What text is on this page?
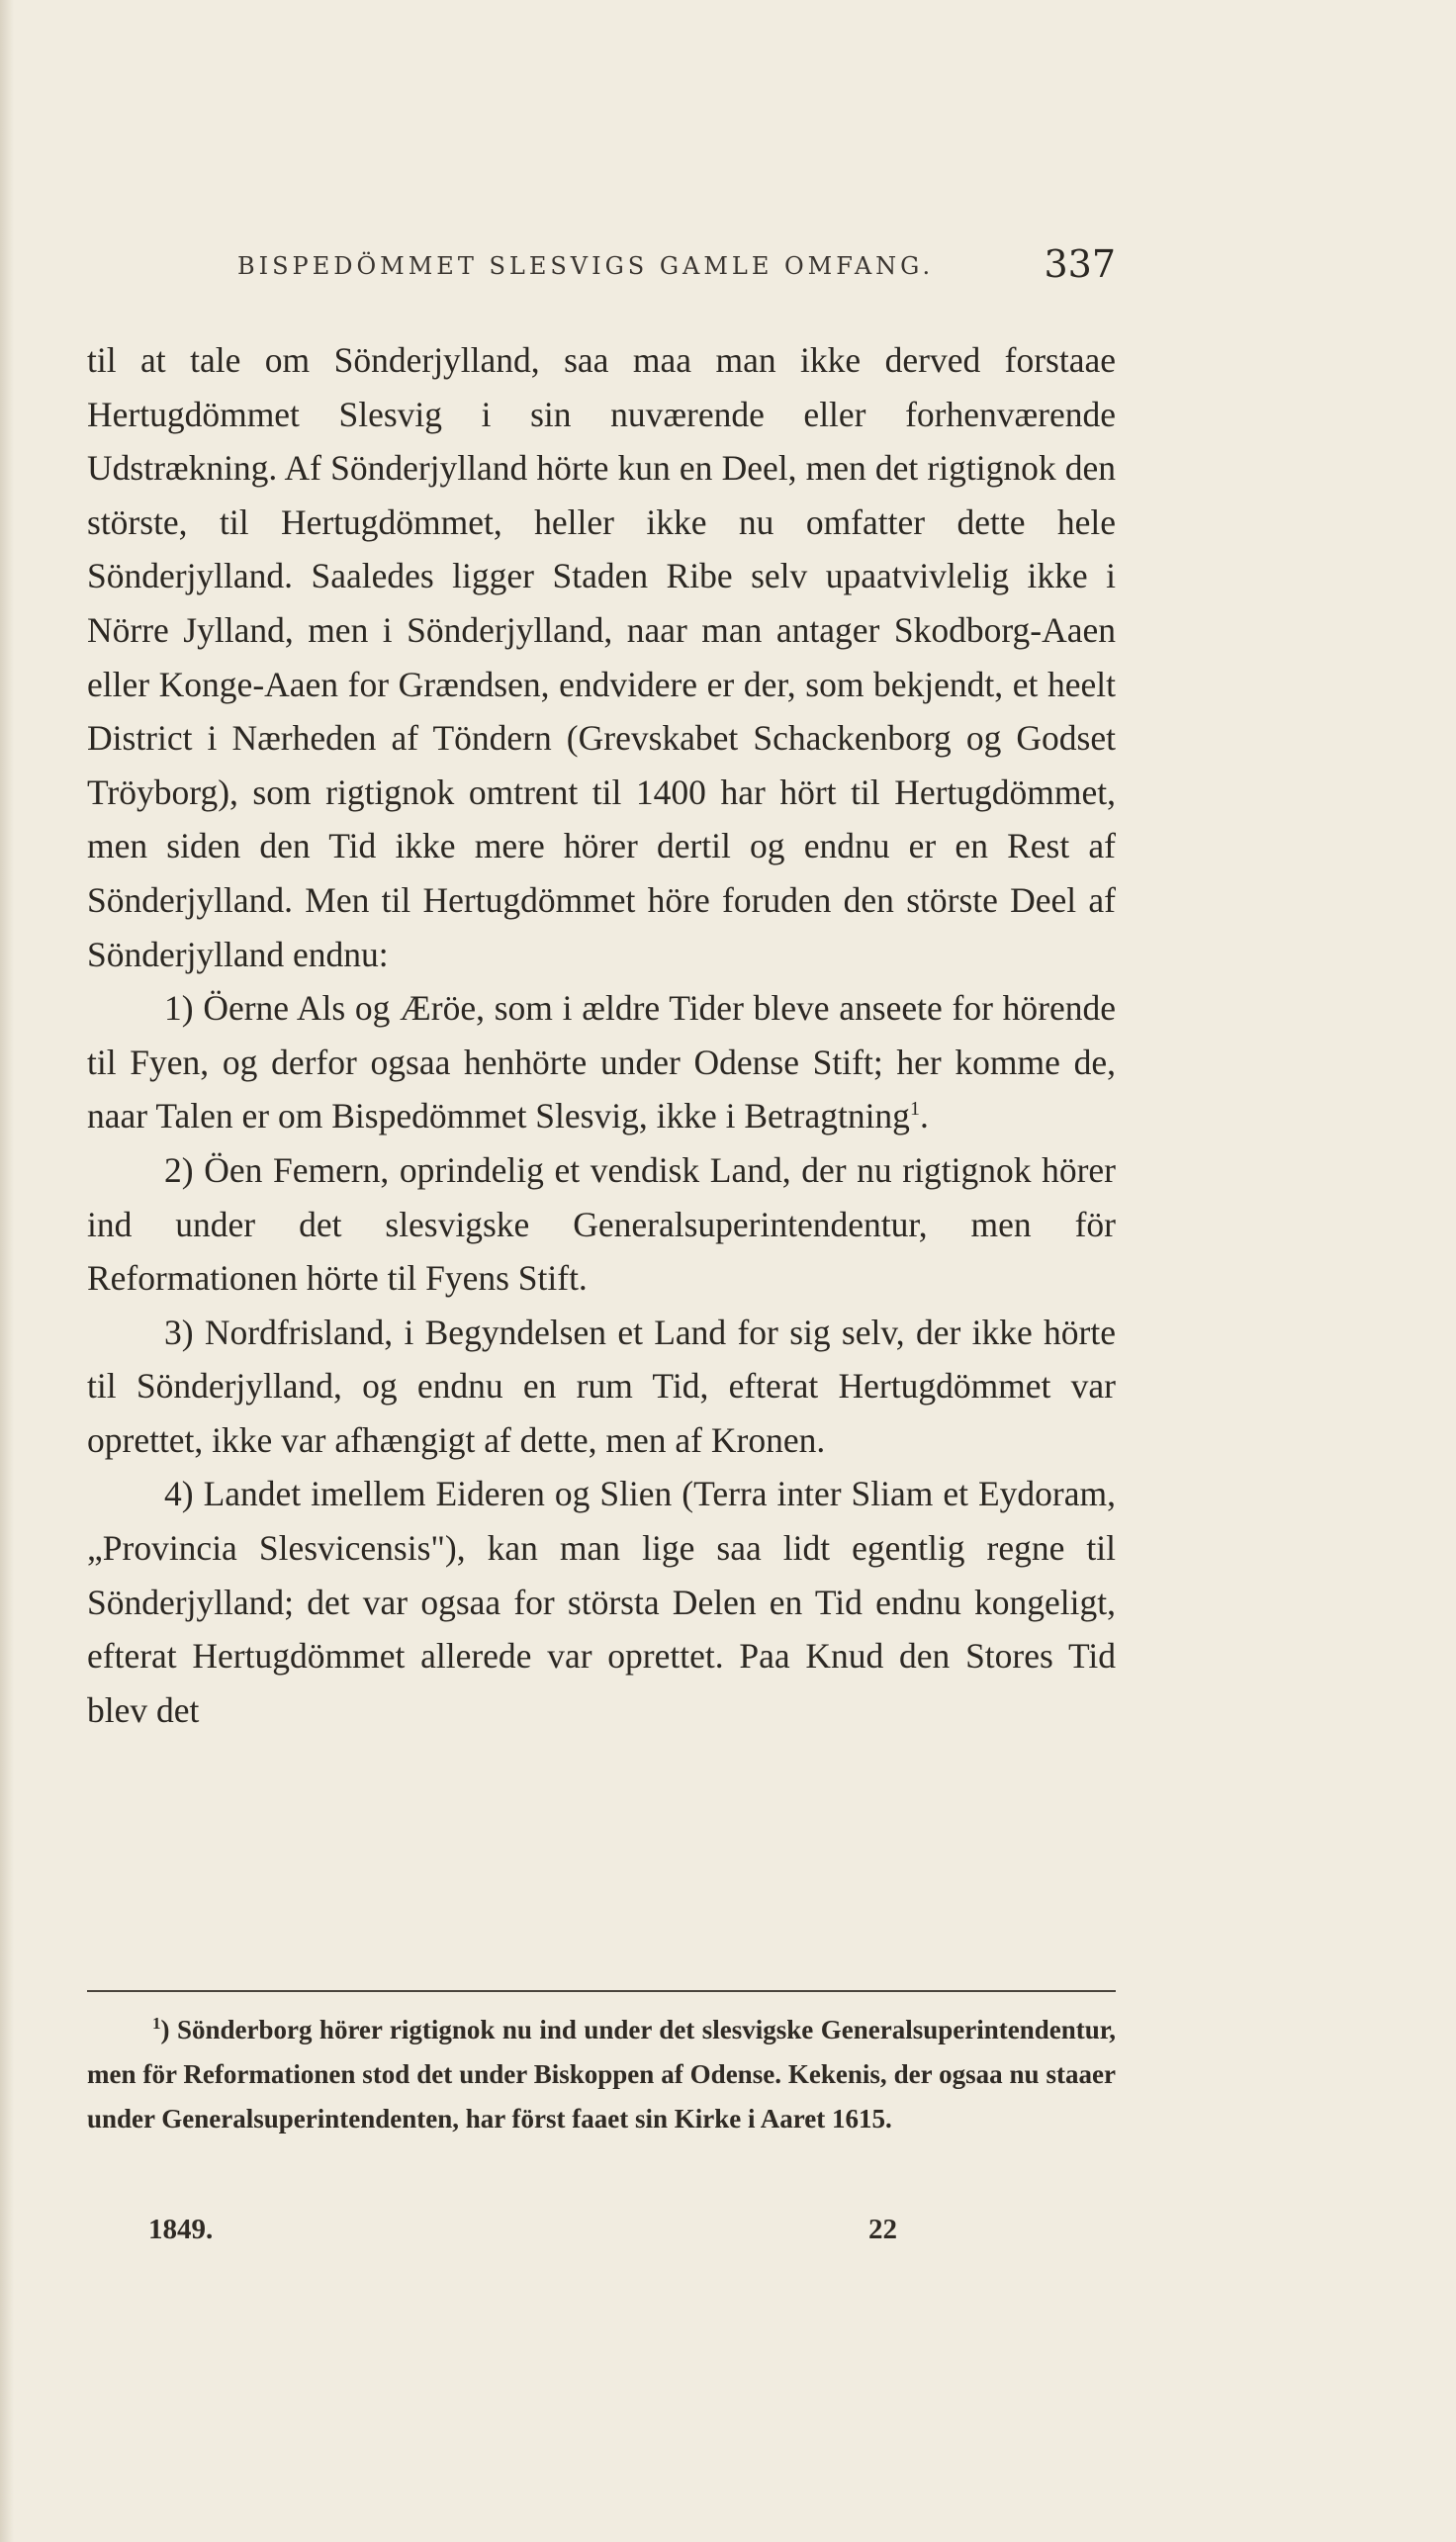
BISPEDÖMMET SLESVIGS GAMLE OMFANG.	337

til at tale om Sönderjylland, saa maa man ikke derved forstaae Hertugdömmet Slesvig i sin nuværende eller forhenværende Udstrækning. Af Sönderjylland hörte kun en Deel, men det rigtignok den störste, til Hertugdömmet, heller ikke nu omfatter dette hele Sönderjylland. Saaledes ligger Staden Ribe selv upaatvivlelig ikke i Nörre Jylland, men i Sönderjylland, naar man antager Skodborg-Aaen eller Konge-Aaen for Grændsen, endvidere er der, som bekjendt, et heelt District i Nærheden af Töndern (Grevskabet Schackenborg og Godset Tröyborg), som rigtignok omtrent til 1400 har hört til Hertugdömmet, men siden den Tid ikke mere hörer dertil og endnu er en Rest af Sönderjylland. Men til Hertugdömmet höre foruden den störste Deel af Sönderjylland endnu:

1) Öerne Als og Æröe, som i ældre Tider bleve anseete for hörende til Fyen, og derfor ogsaa henhörte under Odense Stift; her komme de, naar Talen er om Bispedömmet Slesvig, ikke i Betragtning$^1$.

2) Öen Femern, oprindelig et vendisk Land, der nu rigtignok hörer ind under det slesvigske Generalsuperintendentur, men för Reformationen hörte til Fyens Stift.

3) Nordfrisland, i Begyndelsen et Land for sig selv, der ikke hörte til Sönderjylland, og endnu en rum Tid, efterat Hertugdömmet var oprettet, ikke var afhængigt af dette, men af Kronen.

4) Landet imellem Eideren og Slien (Terra inter Sliam et Eydoram, „Provincia Slesvicensis"), kan man lige saa lidt egentlig regne til Sönderjylland; det var ogsaa for största Delen en Tid endnu kongeligt, efterat Hertugdömmet allerede var oprettet. Paa Knud den Stores Tid blev det

$^1$) Sönderborg hörer rigtignok nu ind under det slesvigske Generalsuperintendentur, men för Reformationen stod det under Biskoppen af Odense. Kekenis, der ogsaa nu staaer under Generalsuperintendenten, har först faaet sin Kirke i Aaret 1615.

1849.	22
